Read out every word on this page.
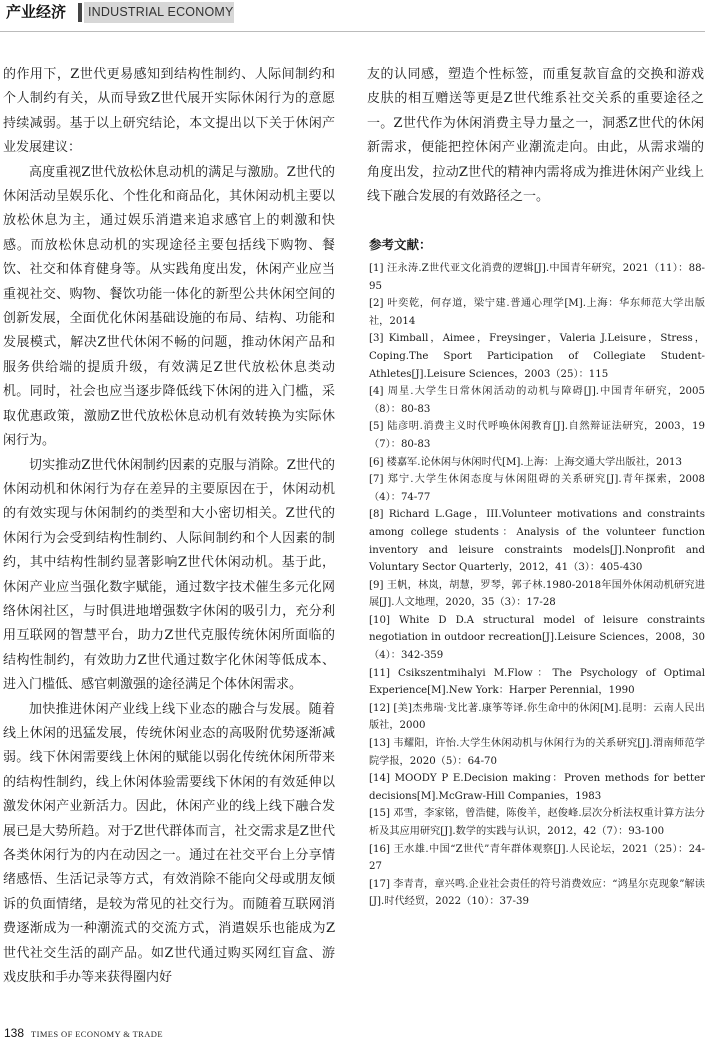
产业经济 INDUSTRIAL ECONOMY

的作用下，Z世代更易感知到结构性制约、人际间制约和个人制约有关，从而导致Z世代展开实际休闲行为的意愿持续减弱。基于以上研究结论，本文提出以下关于休闲产业发展建议：

高度重视Z世代放松休息动机的满足与激励。Z世代的休闲活动呈娱乐化、个性化和商品化，其休闲动机主要以放松休息为主，通过娱乐消遣来追求感官上的刺激和快感。而放松休息动机的实现途径主要包括线下购物、餐饮、社交和体育健身等。从实践角度出发，休闲产业应当重视社交、购物、餐饮功能一体化的新型公共休闲空间的创新发展，全面优化休闲基础设施的布局、结构、功能和发展模式，解决Z世代休闲不畅的问题，推动休闲产品和服务供给端的提质升级，有效满足Z世代放松休息类动机。同时，社会也应当逐步降低线下休闲的进入门槛，采取优惠政策，激励Z世代放松休息动机有效转换为实际休闲行为。

切实推动Z世代休闲制约因素的克服与消除。Z世代的休闲动机和休闲行为存在差异的主要原因在于，休闲动机的有效实现与休闲制约的类型和大小密切相关。Z世代的休闲行为会受到结构性制约、人际间制约和个人因素的制约，其中结构性制约显著影响Z世代休闲动机。基于此，休闲产业应当强化数字赋能，通过数字技术催生多元化网络休闲社区，与时俱进地增强数字休闲的吸引力，充分利用互联网的智慧平台，助力Z世代克服传统休闲所面临的结构性制约，有效助力Z世代通过数字化休闲等低成本、进入门槛低、感官刺激强的途径满足个体休闲需求。

加快推进休闲产业线上线下业态的融合与发展。随着线上休闲的迅猛发展，传统休闲业态的高吸附优势逐渐减弱。线下休闲需要线上休闲的赋能以弱化传统休闲所带来的结构性制约，线上休闲体验需要线下休闲的有效延伸以激发休闲产业新活力。因此，休闲产业的线上线下融合发展已是大势所趋。对于Z世代群体而言，社交需求是Z世代各类休闲行为的内在动因之一。通过在社交平台上分享情绪感悟、生活记录等方式，有效消除不能向父母或朋友倾诉的负面情绪，是较为常见的社交行为。而随着互联网消费逐渐成为一种潮流式的交流方式，消遣娱乐也能成为Z世代社交生活的副产品。如Z世代通过购买网红盲盒、游戏皮肤和手办等来获得圈内好

友的认同感，塑造个性标签，而重复款盲盒的交换和游戏皮肤的相互赠送等更是Z世代维系社交关系的重要途径之一。Z世代作为休闲消费主导力量之一，洞悉Z世代的休闲新需求，便能把控休闲产业潮流走向。由此，从需求端的角度出发，拉动Z世代的精神内需将成为推进休闲产业线上线下融合发展的有效路径之一。

参考文献：

[1] 汪永涛.Z世代亚文化消费的逻辑[J].中国青年研究，2021（11）：88-95

[2] 叶奕乾，何存道，梁宁建.普通心理学[M].上海：华东师范大学出版社，2014

[3] Kimball，Aimee，Freysinger，Valeria J.Leisure，Stress，Coping.The Sport Participation of Collegiate Student-Athletes[J].Leisure Sciences，2003（25）：115

[4] 周星.大学生日常休闲活动的动机与障碍[J].中国青年研究，2005（8）：80-83

[5] 陆彦明.消费主义时代呼唤休闲教育[J].自然辩证法研究，2003，19（7）：80-83

[6] 楼嘉军.论休闲与休闲时代[M].上海：上海交通大学出版社，2013

[7] 郑宁.大学生休闲态度与休闲阻碍的关系研究[J].青年探索，2008（4）：74-77

[8] Richard L.Gage，III.Volunteer motivations and constraints among college students：Analysis of the volunteer function inventory and leisure constraints models[J].Nonprofit and Voluntary Sector Quarterly，2012，41（3）：405-430

[9] 王帆，林岚，胡慧，罗琴，郭子林.1980-2018年国外休闲动机研究进展[J].人文地理，2020，35（3）：17-28

[10] White D D.A structural model of leisure constraints negotiation in outdoor recreation[J].Leisure Sciences，2008，30（4）：342-359

[11] Csikszentmihalyi M.Flow：The Psychology of Optimal Experience[M].New York：Harper Perennial，1990

[12] [美]杰弗瑞·戈比著.康筝等译.你生命中的休闲[M].昆明：云南人民出版社，2000

[13] 韦耀阳，许怡.大学生休闲动机与休闲行为的关系研究[J].渭南师范学院学报，2020（5）：64-70

[14] MOODY P E.Decision making：Proven methods for better decisions[M].McGraw-Hill Companies，1983

[15] 邓雪，李家铭，曾浩健，陈俊羊，赵俊峰.层次分析法权重计算方法分析及其应用研究[J].数学的实践与认识，2012，42（7）：93-100

[16] 王水雄.中国“Z世代”青年群体观察[J].人民论坛，2021（25）：24-27

[17] 李青青，章兴鸣.企业社会责任的符号消费效应：“鸿星尔克现象”解读[J].时代经贸，2022（10）：37-39

138 TIMES OF ECONOMY & TRADE
